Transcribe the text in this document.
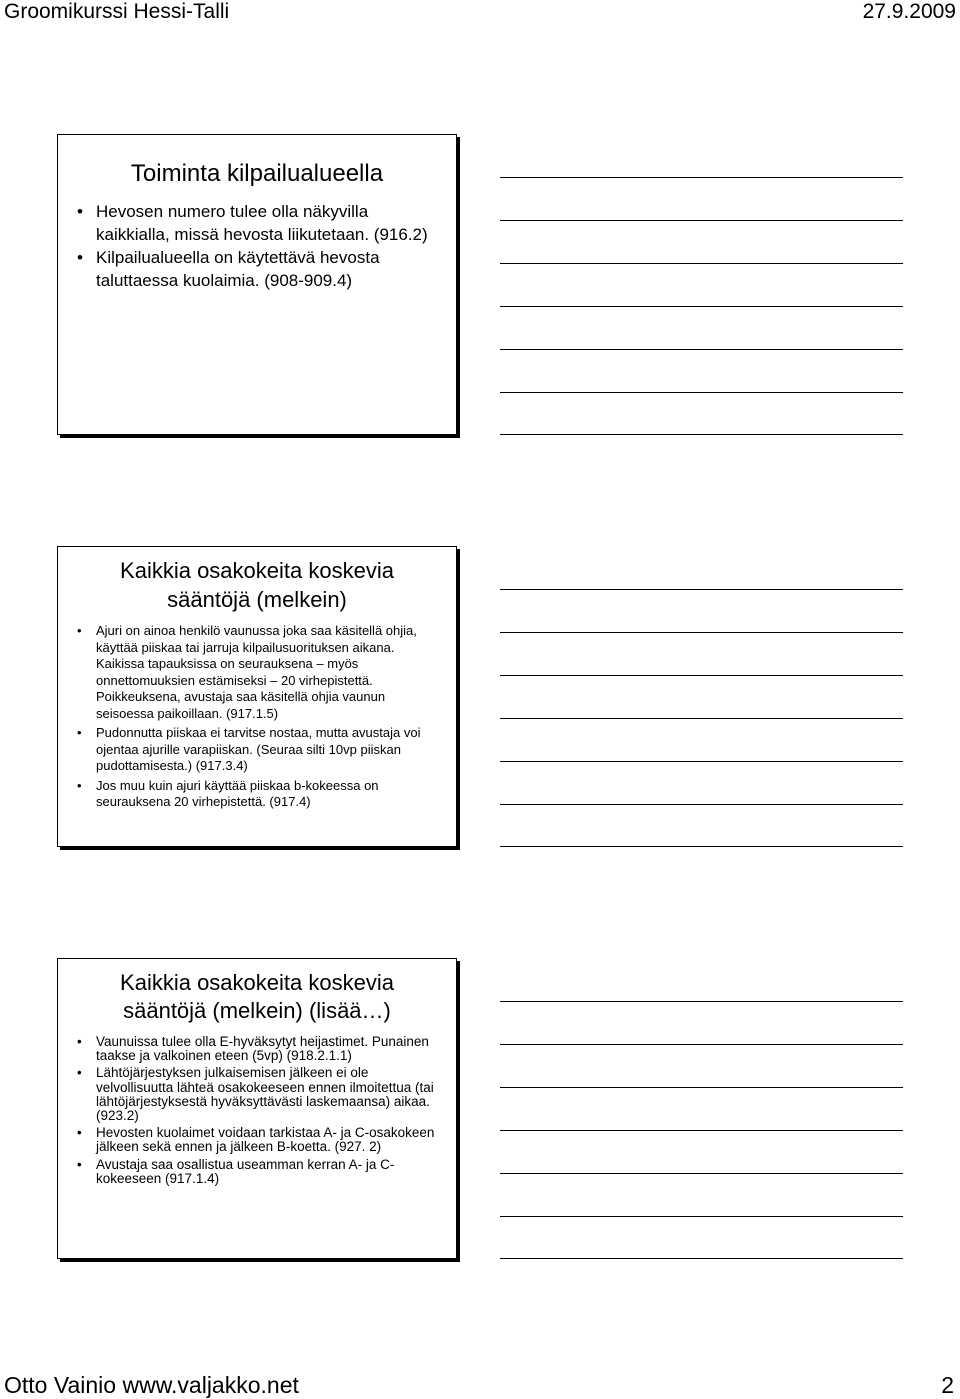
Groomikurssi Hessi-Talli	27.9.2009
Toiminta kilpailualueella
• Hevosen numero tulee olla näkyvilla kaikkialla, missä hevosta liikutetaan. (916.2)
• Kilpailualueella on käytettävä hevosta taluttaessa kuolaimia. (908-909.4)
Kaikkia osakokeita koskevia sääntöjä (melkein)
• Ajuri on ainoa henkilö vaunussa joka saa käsitellä ohjia, käyttää piiskaa tai jarruja kilpailusuorituksen aikana. Kaikissa tapauksissa on seurauksena – myös onnettomuuksien estämiseksi – 20 virhepistettä. Poikkeuksena, avustaja saa käsitellä ohjia vaunun seisoessa paikoillaan. (917.1.5)
• Pudonnutta piiskaa ei tarvitse nostaa, mutta avustaja voi ojentaa ajurille varapiiskan. (Seuraa silti 10vp piiskan pudottamisesta.) (917.3.4)
• Jos muu kuin ajuri käyttää piiskaa b-kokeessa on seurauksena 20 virhepistettä. (917.4)
Kaikkia osakokeita koskevia sääntöjä (melkein) (lisää…)
• Vaunuissa tulee olla E-hyväksytyt heijastimet. Punainen taakse ja valkoinen eteen (5vp) (918.2.1.1)
• Lähtöjärjestyksen julkaisemisen jälkeen ei ole velvollisuutta lähteä osakokeeseen ennen ilmoitettua (tai lähtöjärjestyksestä hyväksyttävästi laskemaansa) aikaa. (923.2)
• Hevosten kuolaimet voidaan tarkistaa A- ja C-osakokeen jälkeen sekä ennen ja jälkeen B-koetta. (927. 2)
• Avustaja saa osallistua useamman kerran A- ja C-kokeeseen (917.1.4)
Otto Vainio www.valjakko.net	2
